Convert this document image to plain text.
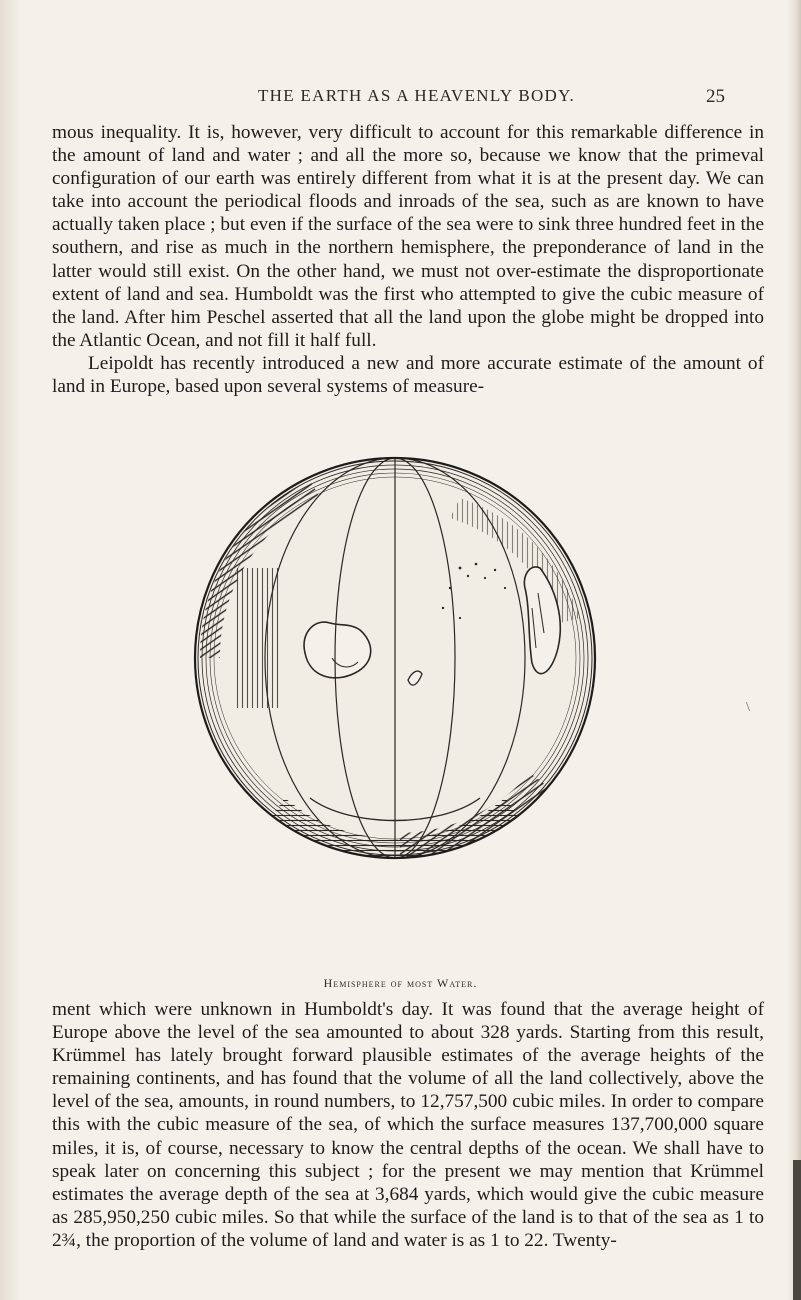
THE EARTH AS A HEAVENLY BODY.	25

mous inequality. It is, however, very difficult to account for this remarkable difference in the amount of land and water ; and all the more so, because we know that the primeval configuration of our earth was entirely different from what it is at the present day. We can take into account the periodical floods and inroads of the sea, such as are known to have actually taken place ; but even if the surface of the sea were to sink three hundred feet in the southern, and rise as much in the northern hemisphere, the preponderance of land in the latter would still exist. On the other hand, we must not over-estimate the disproportionate extent of land and sea. Humboldt was the first who attempted to give the cubic measure of the land. After him Peschel asserted that all the land upon the globe might be dropped into the Atlantic Ocean, and not fill it half full.

Leipoldt has recently introduced a new and more accurate estimate of the amount of land in Europe, based upon several systems of measure-

Hemisphere of most Water.
\

ment which were unknown in Humboldt's day. It was found that the average height of Europe above the level of the sea amounted to about 328 yards. Starting from this result, Krümmel has lately brought forward plausible estimates of the average heights of the remaining continents, and has found that the volume of all the land collectively, above the level of the sea, amounts, in round numbers, to 12,757,500 cubic miles. In order to compare this with the cubic measure of the sea, of which the surface measures 137,700,000 square miles, it is, of course, necessary to know the central depths of the ocean. We shall have to speak later on concerning this subject ; for the present we may mention that Krümmel estimates the average depth of the sea at 3,684 yards, which would give the cubic measure as 285,950,250 cubic miles. So that while the surface of the land is to that of the sea as 1 to 2¾, the proportion of the volume of land and water is as 1 to 22. Twenty-
